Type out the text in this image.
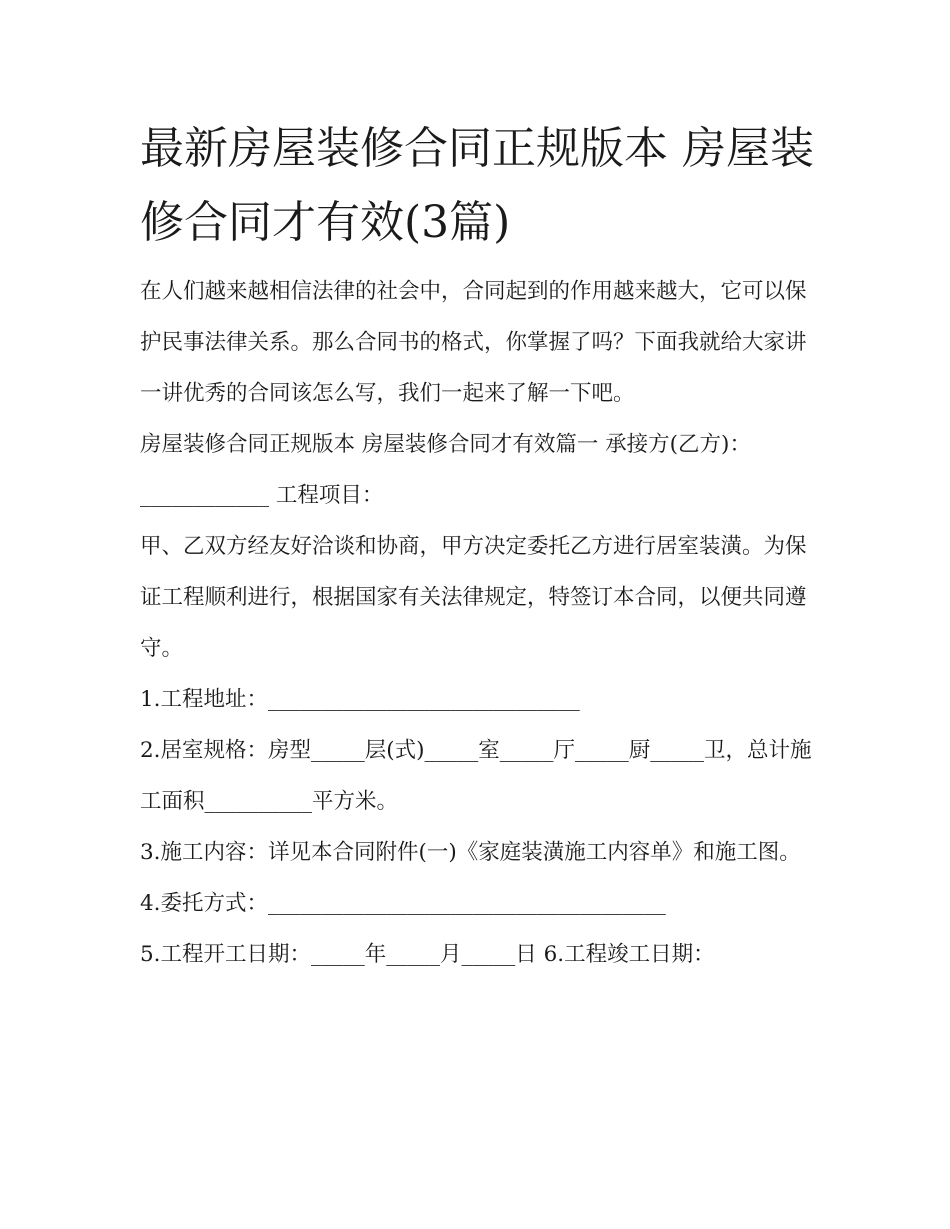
最新房屋装修合同正规版本 房屋装修合同才有效(3篇)

在人们越来越相信法律的社会中，合同起到的作用越来越大，它可以保护民事法律关系。那么合同书的格式，你掌握了吗？下面我就给大家讲一讲优秀的合同该怎么写，我们一起来了解一下吧。

房屋装修合同正规版本 房屋装修合同才有效篇一 承接方(乙方)：____________ 工程项目：

甲、乙双方经友好洽谈和协商，甲方决定委托乙方进行居室装潢。为保证工程顺利进行，根据国家有关法律规定，特签订本合同，以便共同遵守。

1.工程地址：_____________________________

2.居室规格：房型_____层(式)_____室_____厅_____厨_____卫，总计施工面积__________平方米。

3.施工内容：详见本合同附件(一)《家庭装潢施工内容单》和施工图。

4.委托方式：_____________________________________

5.工程开工日期：_____年_____月_____日 6.工程竣工日期：
